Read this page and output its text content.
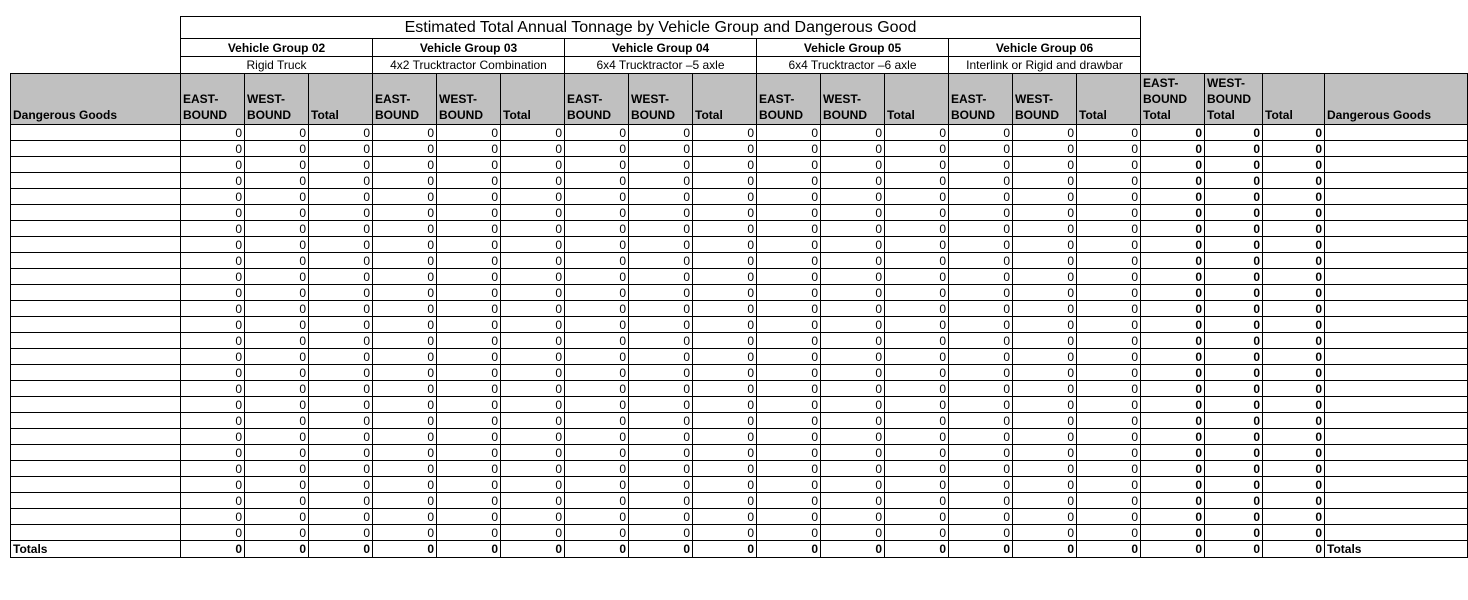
	Estimated Total Annual Tonnage by Vehicle Group and Dangerous Good																		
	Vehicle Group 02			Vehicle Group 03			Vehicle Group 04			Vehicle Group 05			Vehicle Group 06						
	Rigid Truck			4x2 Trucktractor Combination			6x4 Trucktractor –5 axle			6x4 Trucktractor –6 axle			Interlink or Rigid and drawbar						
Dangerous Goods	EAST-BOUND	WEST-BOUND	Total	EAST-BOUND	WEST-BOUND	Total	EAST-BOUND	WEST-BOUND	Total	EAST-BOUND	WEST-BOUND	Total	EAST-BOUND	WEST-BOUND	Total	EAST-BOUND Total	WEST-BOUND Total	Total	Dangerous Goods
	0	0	0	0	0	0	0	0	0	0	0	0	0	0	0	0	0	0	
	0	0	0	0	0	0	0	0	0	0	0	0	0	0	0	0	0	0	
	0	0	0	0	0	0	0	0	0	0	0	0	0	0	0	0	0	0	
	0	0	0	0	0	0	0	0	0	0	0	0	0	0	0	0	0	0	
	0	0	0	0	0	0	0	0	0	0	0	0	0	0	0	0	0	0	
	0	0	0	0	0	0	0	0	0	0	0	0	0	0	0	0	0	0	
	0	0	0	0	0	0	0	0	0	0	0	0	0	0	0	0	0	0	
	0	0	0	0	0	0	0	0	0	0	0	0	0	0	0	0	0	0	
	0	0	0	0	0	0	0	0	0	0	0	0	0	0	0	0	0	0	
	0	0	0	0	0	0	0	0	0	0	0	0	0	0	0	0	0	0	
	0	0	0	0	0	0	0	0	0	0	0	0	0	0	0	0	0	0	
	0	0	0	0	0	0	0	0	0	0	0	0	0	0	0	0	0	0	
	0	0	0	0	0	0	0	0	0	0	0	0	0	0	0	0	0	0	
	0	0	0	0	0	0	0	0	0	0	0	0	0	0	0	0	0	0	
	0	0	0	0	0	0	0	0	0	0	0	0	0	0	0	0	0	0	
	0	0	0	0	0	0	0	0	0	0	0	0	0	0	0	0	0	0	
	0	0	0	0	0	0	0	0	0	0	0	0	0	0	0	0	0	0	
	0	0	0	0	0	0	0	0	0	0	0	0	0	0	0	0	0	0	
	0	0	0	0	0	0	0	0	0	0	0	0	0	0	0	0	0	0	
	0	0	0	0	0	0	0	0	0	0	0	0	0	0	0	0	0	0	
	0	0	0	0	0	0	0	0	0	0	0	0	0	0	0	0	0	0	
	0	0	0	0	0	0	0	0	0	0	0	0	0	0	0	0	0	0	
	0	0	0	0	0	0	0	0	0	0	0	0	0	0	0	0	0	0	
	0	0	0	0	0	0	0	0	0	0	0	0	0	0	0	0	0	0	
	0	0	0	0	0	0	0	0	0	0	0	0	0	0	0	0	0	0	
	0	0	0	0	0	0	0	0	0	0	0	0	0	0	0	0	0	0	
Totals	0	0	0	0	0	0	0	0	0	0	0	0	0	0	0	0	0	0	Totals
